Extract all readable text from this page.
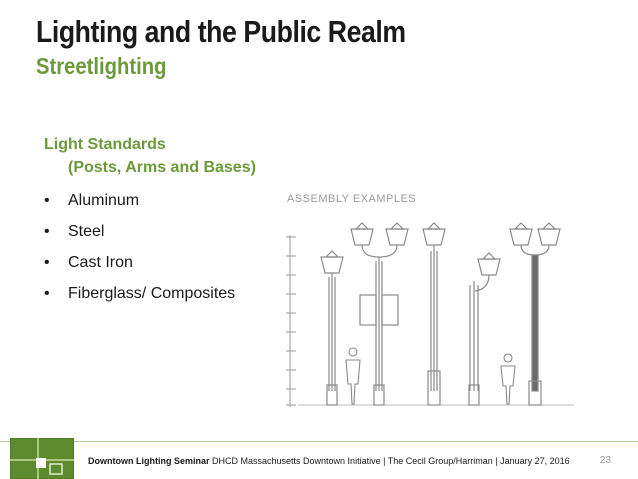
Lighting and the Public Realm
Streetlighting
Light Standards
(Posts, Arms and Bases)
• Aluminum
• Steel
• Cast Iron
• Fiberglass/ Composites
ASSEMBLY EXAMPLES
Downtown Lighting Seminar DHCD Massachusetts Downtown Initiative | The Cecil Group/Harriman | January 27, 2016	23
